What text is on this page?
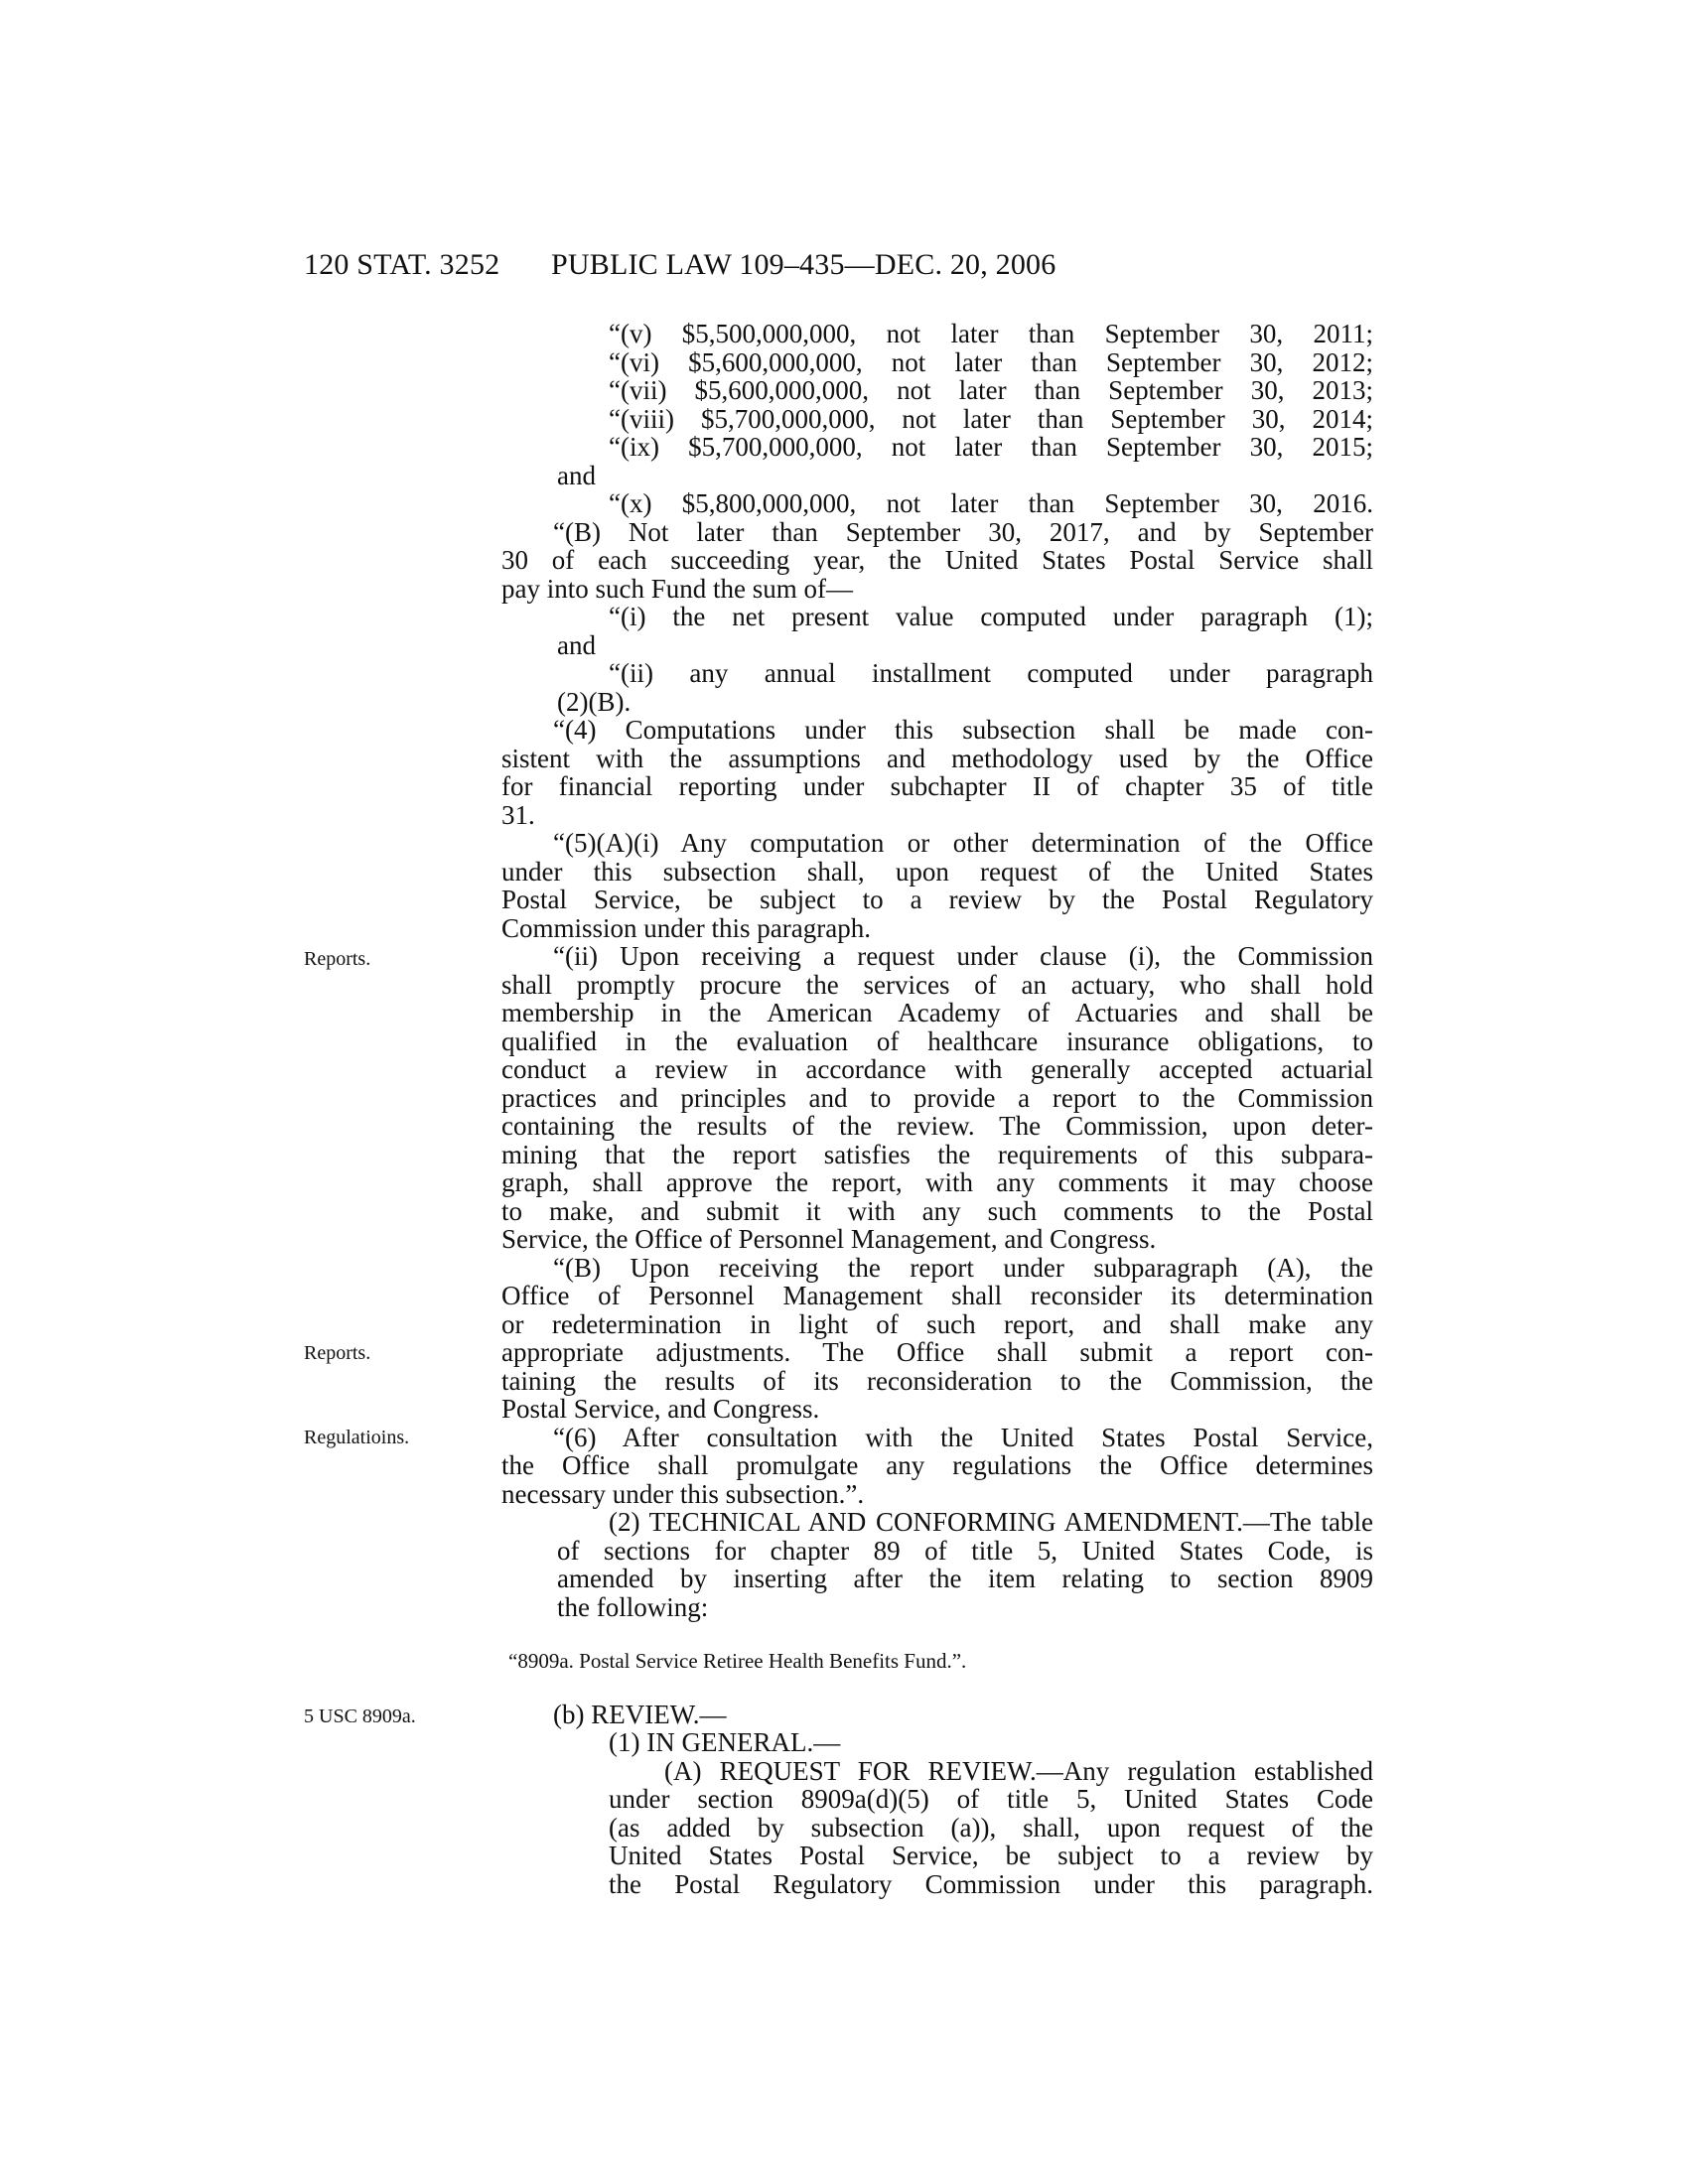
120 STAT. 3252 PUBLIC LAW 109–435—DEC. 20, 2006
Reports.
Reports.
Regulatioins.
5 USC 8909a.
“(v) $5,500,000,000, not later than September 30, 2011;
“(vi) $5,600,000,000, not later than September 30, 2012;
“(vii) $5,600,000,000, not later than September 30, 2013;
“(viii) $5,700,000,000, not later than September 30, 2014;
“(ix) $5,700,000,000, not later than September 30, 2015;
and
“(x) $5,800,000,000, not later than September 30, 2016.
“(B) Not later than September 30, 2017, and by September
30 of each succeeding year, the United States Postal Service shall
pay into such Fund the sum of—
“(i) the net present value computed under paragraph (1);
and
“(ii) any annual installment computed under paragraph
(2)(B).
“(4) Computations under this subsection shall be made con-
sistent with the assumptions and methodology used by the Office
for financial reporting under subchapter II of chapter 35 of title
31.
“(5)(A)(i) Any computation or other determination of the Office
under this subsection shall, upon request of the United States
Postal Service, be subject to a review by the Postal Regulatory
Commission under this paragraph.
“(ii) Upon receiving a request under clause (i), the Commission
shall promptly procure the services of an actuary, who shall hold
membership in the American Academy of Actuaries and shall be
qualified in the evaluation of healthcare insurance obligations, to
conduct a review in accordance with generally accepted actuarial
practices and principles and to provide a report to the Commission
containing the results of the review. The Commission, upon deter-
mining that the report satisfies the requirements of this subpara-
graph, shall approve the report, with any comments it may choose
to make, and submit it with any such comments to the Postal
Service, the Office of Personnel Management, and Congress.
“(B) Upon receiving the report under subparagraph (A), the
Office of Personnel Management shall reconsider its determination
or redetermination in light of such report, and shall make any
appropriate adjustments. The Office shall submit a report con-
taining the results of its reconsideration to the Commission, the
Postal Service, and Congress.
“(6) After consultation with the United States Postal Service,
the Office shall promulgate any regulations the Office determines
necessary under this subsection.”.
(2) TECHNICAL AND CONFORMING AMENDMENT.—The table
of sections for chapter 89 of title 5, United States Code, is
amended by inserting after the item relating to section 8909
the following:
“8909a. Postal Service Retiree Health Benefits Fund.”.
(b) REVIEW.—
(1) IN GENERAL.—
(A) REQUEST FOR REVIEW.—Any regulation established
under section 8909a(d)(5) of title 5, United States Code
(as added by subsection (a)), shall, upon request of the
United States Postal Service, be subject to a review by
the Postal Regulatory Commission under this paragraph.
